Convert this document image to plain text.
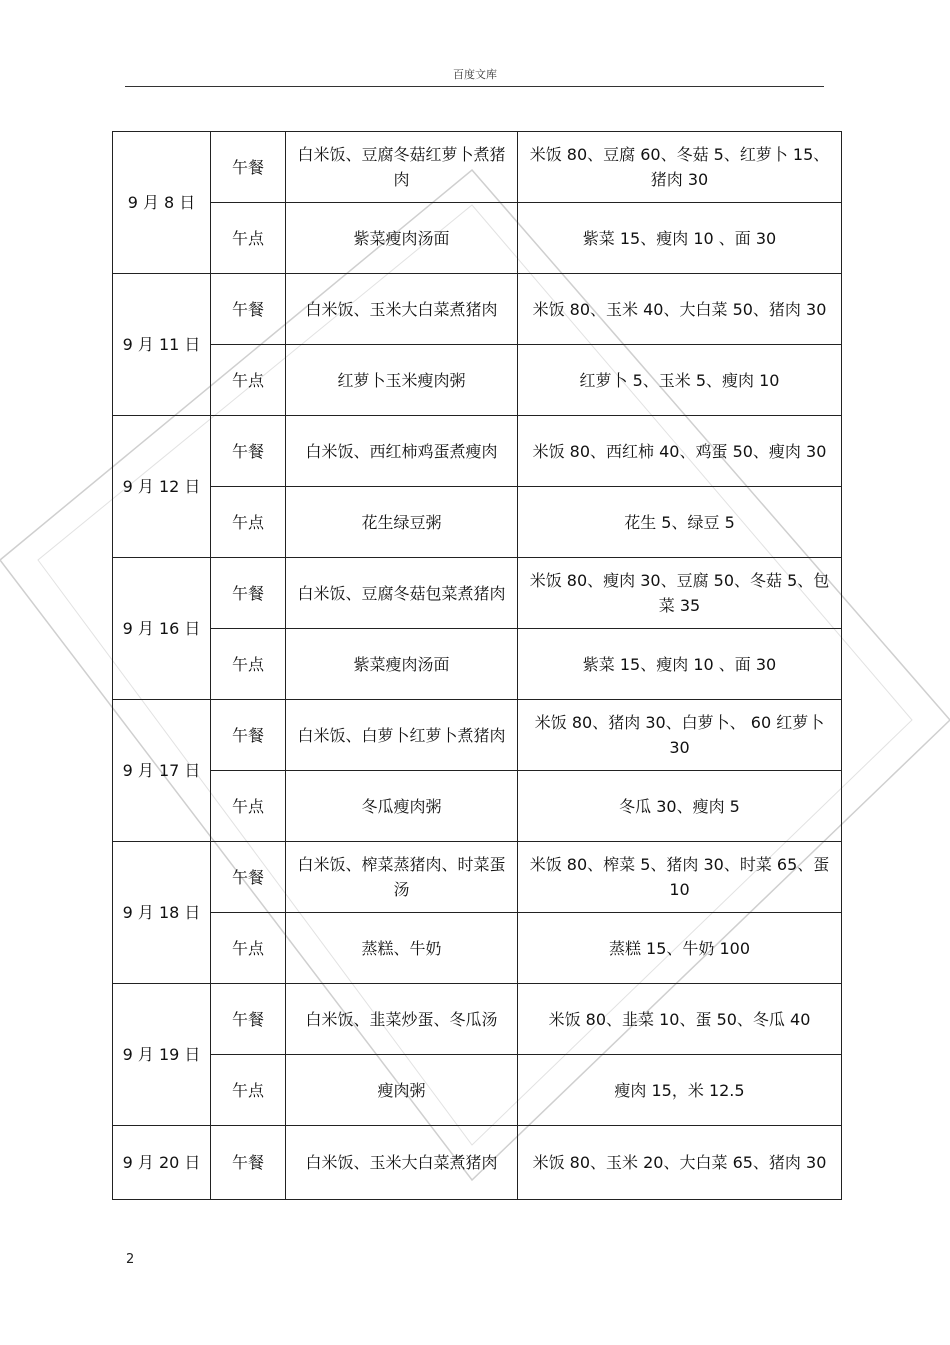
百度文库
9 月 8 日	午餐	白米饭、豆腐冬菇红萝卜煮猪肉	米饭 80、豆腐 60、冬菇 5、红萝卜 15、猪肉 30
	午点	紫菜瘦肉汤面	紫菜 15、瘦肉 10 、面 30
9 月 11 日	午餐	白米饭、玉米大白菜煮猪肉	米饭 80、玉米 40、大白菜 50、猪肉 30
	午点	红萝卜玉米瘦肉粥	红萝卜 5、玉米 5、瘦肉 10
9 月 12 日	午餐	白米饭、西红柿鸡蛋煮瘦肉	米饭 80、西红柿 40、鸡蛋 50、瘦肉 30
	午点	花生绿豆粥	花生 5、绿豆 5
9 月 16 日	午餐	白米饭、豆腐冬菇包菜煮猪肉	米饭 80、瘦肉 30、豆腐 50、冬菇 5、包菜 35
	午点	紫菜瘦肉汤面	紫菜 15、瘦肉 10 、面 30
9 月 17 日	午餐	白米饭、白萝卜红萝卜煮猪肉	米饭 80、猪肉 30、白萝卜、 60 红萝卜 30
	午点	冬瓜瘦肉粥	冬瓜 30、瘦肉 5
9 月 18 日	午餐	白米饭、榨菜蒸猪肉、时菜蛋汤	米饭 80、榨菜 5、猪肉 30、时菜 65、蛋 10
	午点	蒸糕、牛奶	蒸糕 15、牛奶 100
9 月 19 日	午餐	白米饭、韭菜炒蛋、冬瓜汤	米饭 80、韭菜 10、蛋 50、冬瓜 40
	午点	瘦肉粥	瘦肉 15，米 12.5
9 月 20 日	午餐	白米饭、玉米大白菜煮猪肉	米饭 80、玉米 20、大白菜 65、猪肉 30
2
